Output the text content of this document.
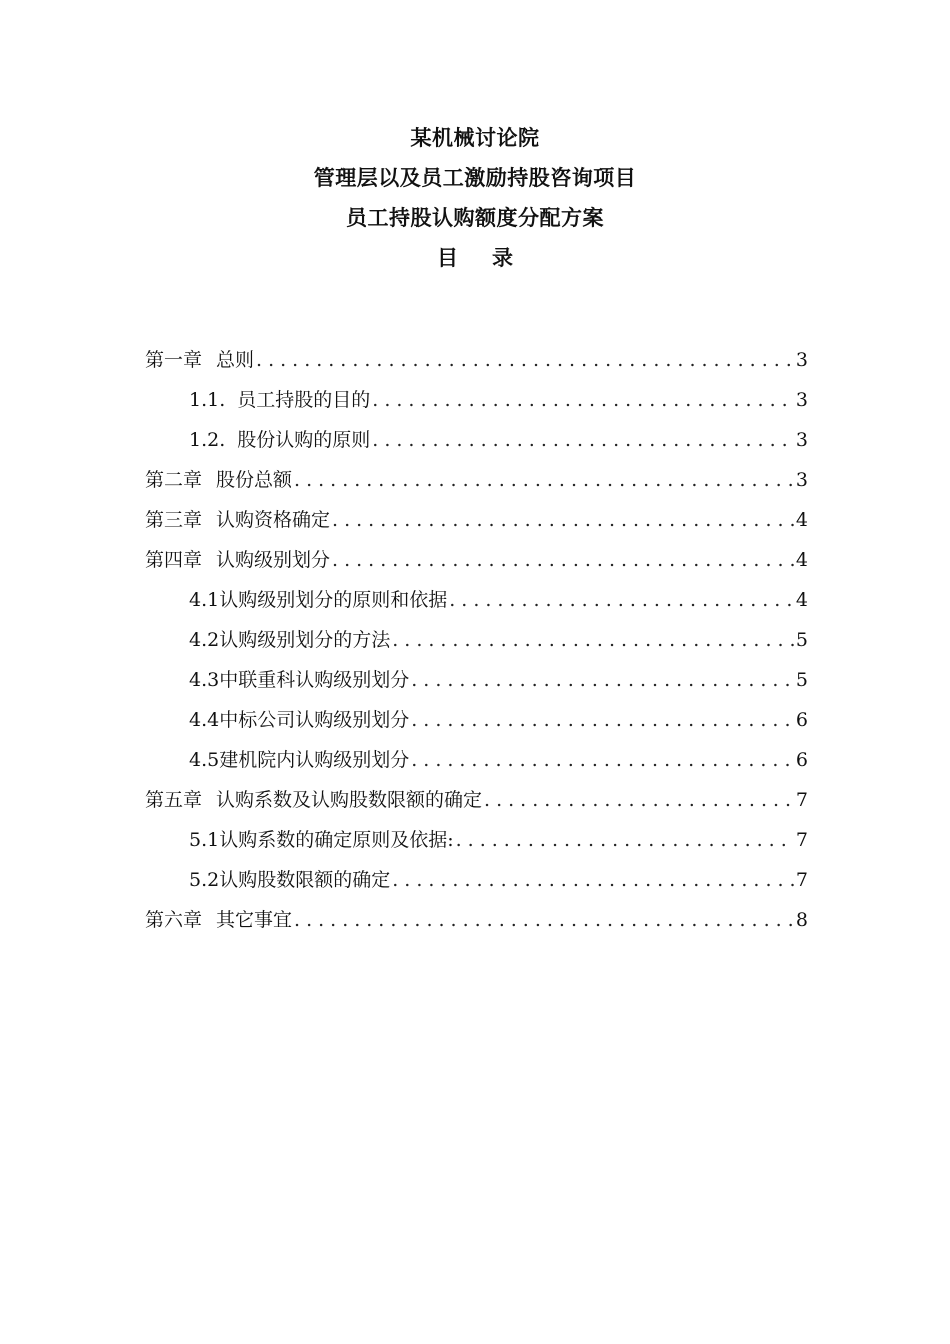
某机械讨论院
管理层以及员工激励持股咨询项目
员工持股认购额度分配方案
目录
第一章 总则 .....	3
1.1. 员工持股的目的 .....	3
1.2. 股份认购的原则 .....	3
第二章 股份总额 .....	3
第三章 认购资格确定 .....	4
第四章 认购级别划分 .....	4
4.1 认购级别划分的原则和依据 .....	4
4.2 认购级别划分的方法 .....	5
4.3 中联重科认购级别划分 .....	5
4.4 中标公司认购级别划分 .....	6
4.5 建机院内认购级别划分 .....	6
第五章 认购系数及认购股数限额的确定 .....	7
5.1 认购系数的确定原则及依据: .....	7
5.2 认购股数限额的确定 .....	7
第六章 其它事宜 .....	8
